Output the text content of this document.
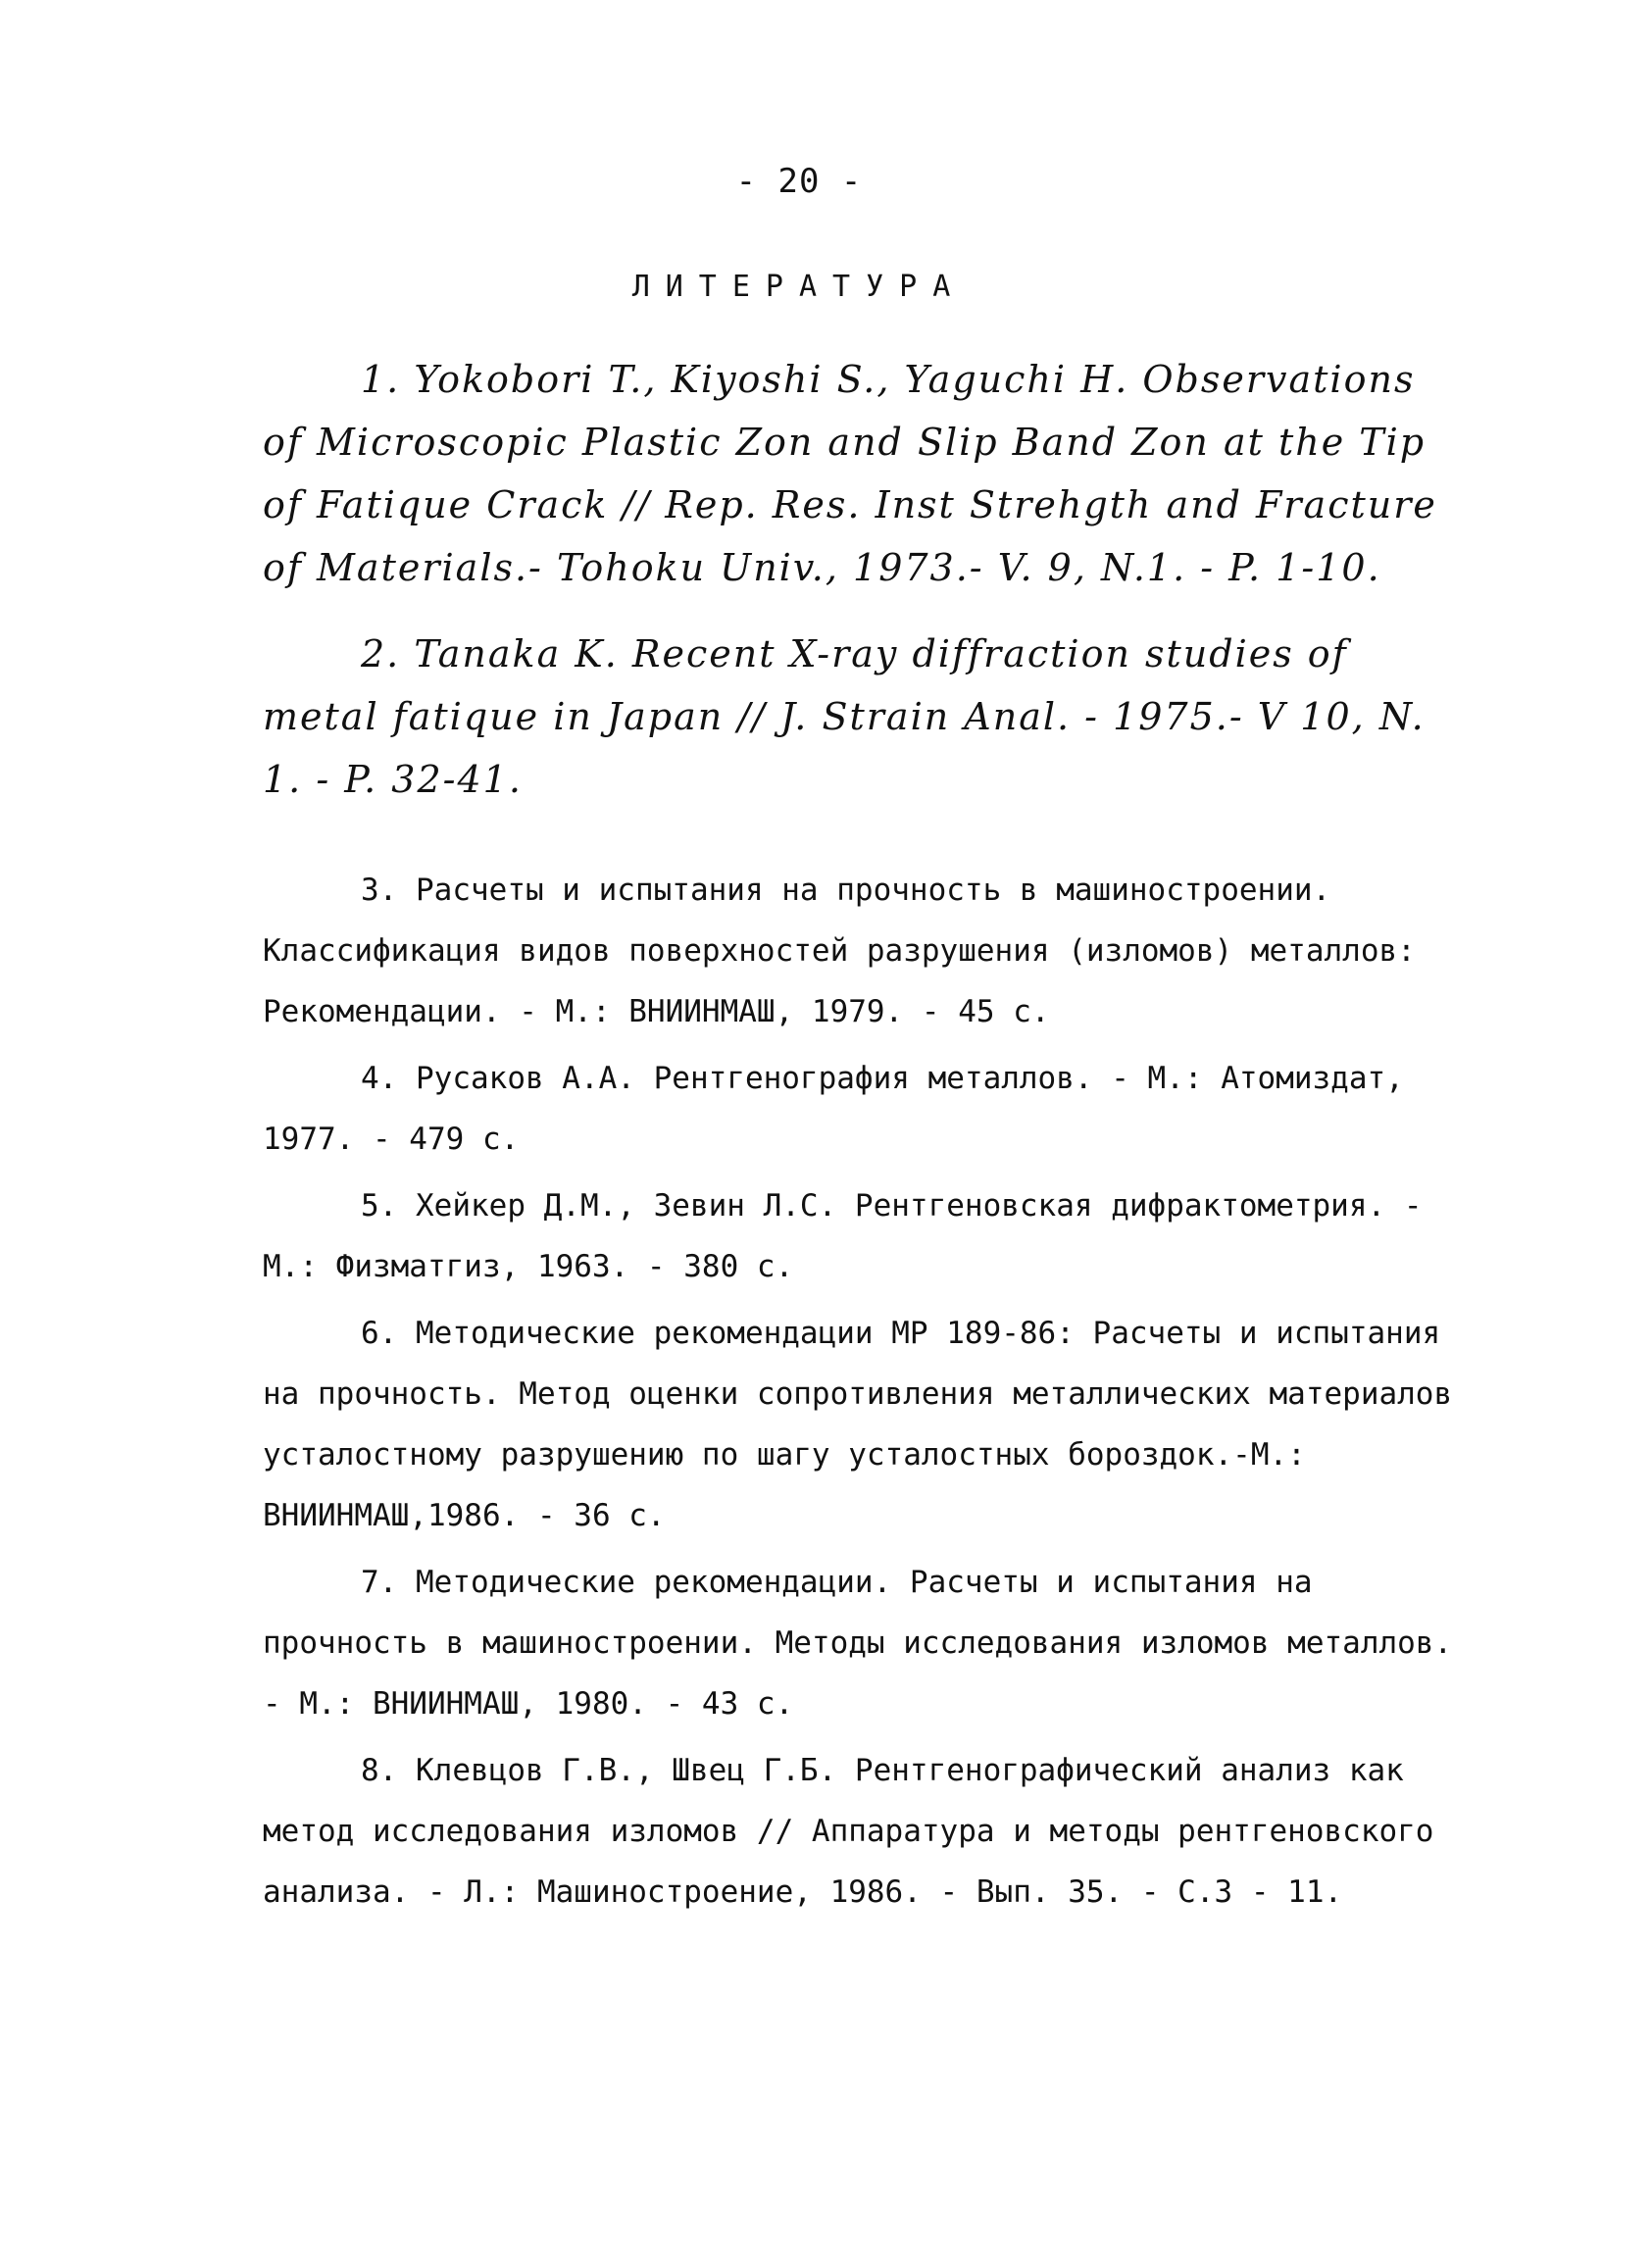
- 20 -
ЛИТЕРАТУРА

1. Yokobori T., Kiyoshi S., Yaguchi H. Observations of Microscopic Plastic Zon and Slip Band Zon at the Tip of Fatique Crack // Rep. Res. Inst Strehgth and Fracture of Materials.- Tohoku Univ., 1973.- V. 9, N.1. - P. 1-10.

2. Tanaka K. Recent X-ray diffraction studies of metal fatique in Japan // J. Strain Anal. - 1975.- V 10, N. 1. - P. 32-41.

3. Расчеты и испытания на прочность в машиностроении. Классификация видов поверхностей разрушения (изломов) металлов: Рекомендации. - М.: ВНИИНМАШ, 1979. - 45 с.

4. Русаков А.А. Рентгенография металлов. - М.: Атомиздат, 1977. - 479 с.

5. Хейкер Д.М., Зевин Л.С. Рентгеновская дифрактометрия. - М.: Физматгиз, 1963. - 380 с.

6. Методические рекомендации МР 189-86: Расчеты и испытания на прочность. Метод оценки сопротивления металлических материалов усталостному разрушению по шагу усталостных бороздок.-М.: ВНИИНМАШ,1986. - 36 с.

7. Методические рекомендации. Расчеты и испытания на прочность в машиностроении. Методы исследования изломов металлов. - М.: ВНИИНМАШ, 1980. - 43 с.

8. Клевцов Г.В., Швец Г.Б. Рентгенографический анализ как метод исследования изломов // Аппаратура и методы рентгеновского анализа. - Л.: Машиностроение, 1986. - Вып. 35. - С.3 - 11.
